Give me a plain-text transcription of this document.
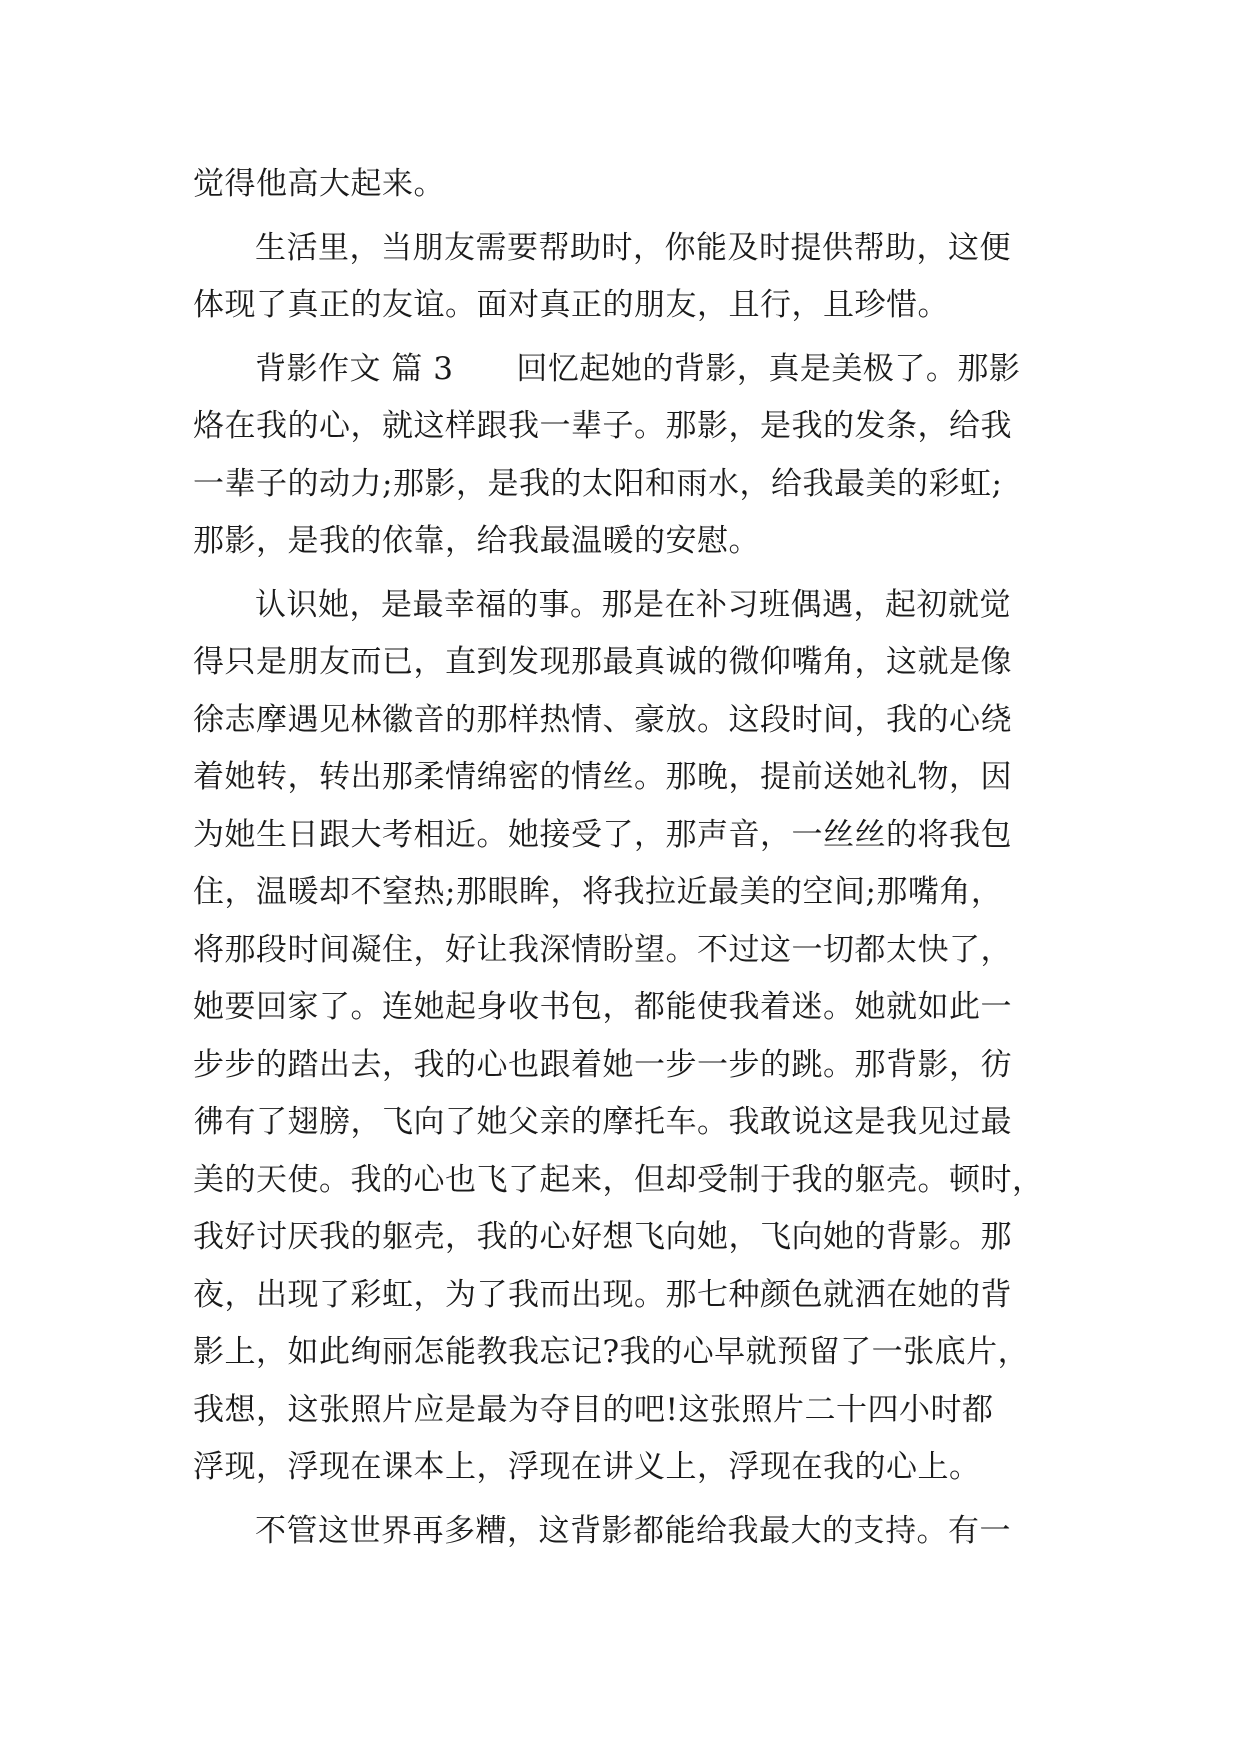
觉得他高大起来。
生活里，当朋友需要帮助时，你能及时提供帮助，这便
体现了真正的友谊。面对真正的朋友，且行，且珍惜。
背影作文 篇 3　　回忆起她的背影，真是美极了。那影
烙在我的心，就这样跟我一辈子。那影，是我的发条，给我
一辈子的动力;那影，是我的太阳和雨水，给我最美的彩虹;
那影，是我的依靠，给我最温暖的安慰。
认识她，是最幸福的事。那是在补习班偶遇，起初就觉
得只是朋友而已，直到发现那最真诚的微仰嘴角，这就是像
徐志摩遇见林徽音的那样热情、豪放。这段时间，我的心绕
着她转，转出那柔情绵密的情丝。那晚，提前送她礼物，因
为她生日跟大考相近。她接受了，那声音，一丝丝的将我包
住，温暖却不窒热;那眼眸，将我拉近最美的空间;那嘴角，
将那段时间凝住，好让我深情盼望。不过这一切都太快了，
她要回家了。连她起身收书包，都能使我着迷。她就如此一
步步的踏出去，我的心也跟着她一步一步的跳。那背影，彷
彿有了翅膀，飞向了她父亲的摩托车。我敢说这是我见过最
美的天使。我的心也飞了起来，但却受制于我的躯壳。顿时，
我好讨厌我的躯壳，我的心好想飞向她，飞向她的背影。那
夜，出现了彩虹，为了我而出现。那七种颜色就洒在她的背
影上，如此绚丽怎能教我忘记?我的心早就预留了一张底片，
我想，这张照片应是最为夺目的吧!这张照片二十四小时都
浮现，浮现在课本上，浮现在讲义上，浮现在我的心上。
不管这世界再多糟，这背影都能给我最大的支持。有一
